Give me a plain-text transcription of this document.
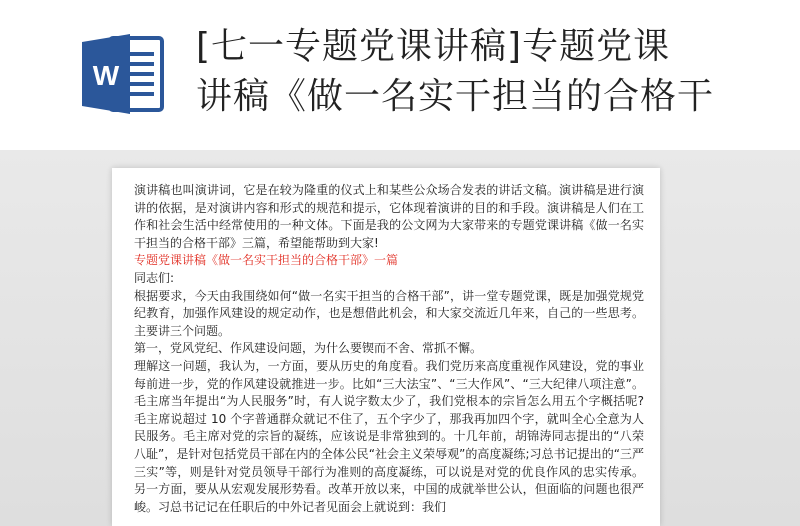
W
[七一专题党课讲稿]专题党课
讲稿《做一名实干担当的合格干

演讲稿也叫演讲词，它是在较为隆重的仪式上和某些公众场合发表的讲话文稿。演讲稿是进行演讲的依据，是对演讲内容和形式的规范和提示，它体现着演讲的目的和手段。演讲稿是人们在工作和社会生活中经常使用的一种文体。下面是我的公文网为大家带来的专题党课讲稿《做一名实干担当的合格干部》三篇，希望能帮助到大家!

专题党课讲稿《做一名实干担当的合格干部》一篇

同志们:

根据要求，今天由我围绕如何“做一名实干担当的合格干部”，讲一堂专题党课，既是加强党规党纪教育，加强作风建设的规定动作，也是想借此机会，和大家交流近几年来，自己的一些思考。主要讲三个问题。

第一，党风党纪、作风建设问题，为什么要锲而不舍、常抓不懈。

理解这一问题，我认为，一方面，要从历史的角度看。我们党历来高度重视作风建设，党的事业每前进一步，党的作风建设就推进一步。比如“三大法宝”、“三大作风”、“三大纪律八项注意”。毛主席当年提出“为人民服务”时，有人说字数太少了，我们党根本的宗旨怎么用五个字概括呢?毛主席说超过 10 个字普通群众就记不住了，五个字少了，那我再加四个字，就叫全心全意为人民服务。毛主席对党的宗旨的凝练，应该说是非常独到的。十几年前，胡锦涛同志提出的“八荣八耻”，是针对包括党员干部在内的全体公民“社会主义荣辱观”的高度凝练;习总书记提出的“三严三实”等，则是针对党员领导干部行为准则的高度凝练，可以说是对党的优良作风的忠实传承。另一方面，要从从宏观发展形势看。改革开放以来，中国的成就举世公认，但面临的问题也很严峻。习总书记记在任职后的中外记者见面会上就说到：我们
